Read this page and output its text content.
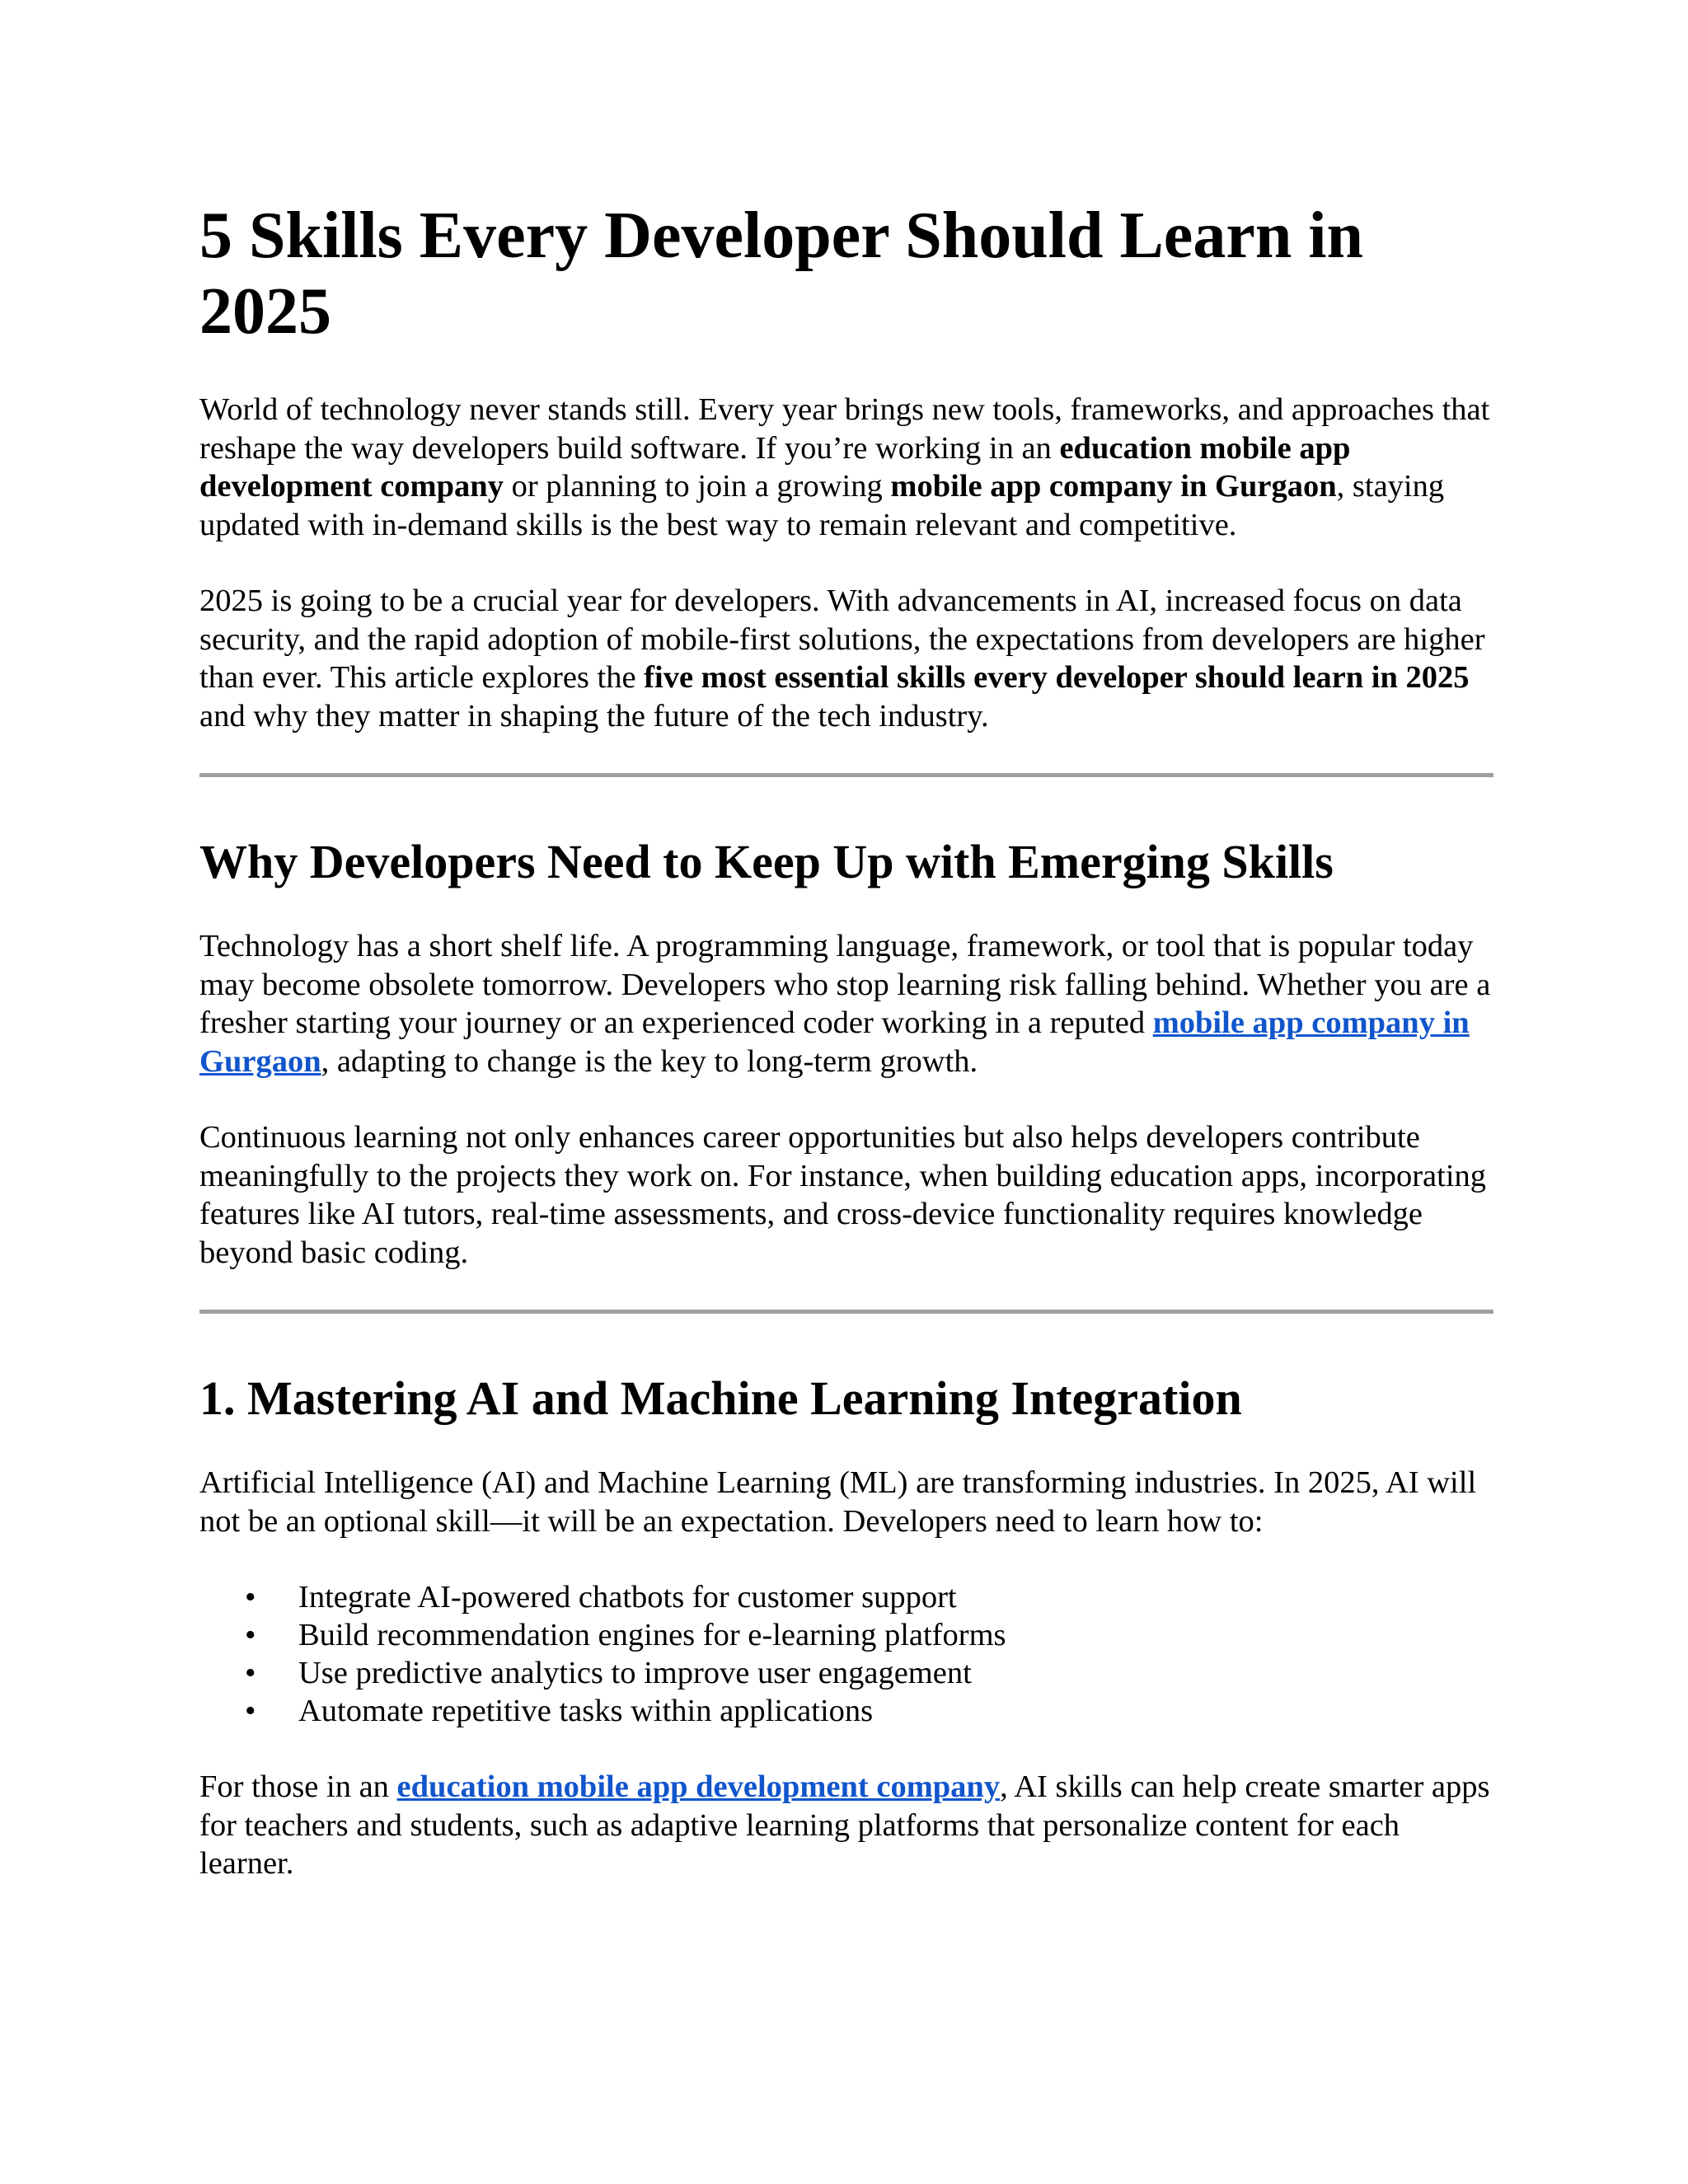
5 Skills Every Developer Should Learn in 2025

World of technology never stands still. Every year brings new tools, frameworks, and approaches that reshape the way developers build software. If you’re working in an education mobile app development company or planning to join a growing mobile app company in Gurgaon, staying updated with in-demand skills is the best way to remain relevant and competitive.

2025 is going to be a crucial year for developers. With advancements in AI, increased focus on data security, and the rapid adoption of mobile-first solutions, the expectations from developers are higher than ever. This article explores the five most essential skills every developer should learn in 2025 and why they matter in shaping the future of the tech industry.

Why Developers Need to Keep Up with Emerging Skills

Technology has a short shelf life. A programming language, framework, or tool that is popular today may become obsolete tomorrow. Developers who stop learning risk falling behind. Whether you are a fresher starting your journey or an experienced coder working in a reputed mobile app company in Gurgaon, adapting to change is the key to long-term growth.

Continuous learning not only enhances career opportunities but also helps developers contribute meaningfully to the projects they work on. For instance, when building education apps, incorporating features like AI tutors, real-time assessments, and cross-device functionality requires knowledge beyond basic coding.

1. Mastering AI and Machine Learning Integration

Artificial Intelligence (AI) and Machine Learning (ML) are transforming industries. In 2025, AI will not be an optional skill—it will be an expectation. Developers need to learn how to:

• Integrate AI-powered chatbots for customer support
• Build recommendation engines for e-learning platforms
• Use predictive analytics to improve user engagement
• Automate repetitive tasks within applications

For those in an education mobile app development company, AI skills can help create smarter apps for teachers and students, such as adaptive learning platforms that personalize content for each learner.
